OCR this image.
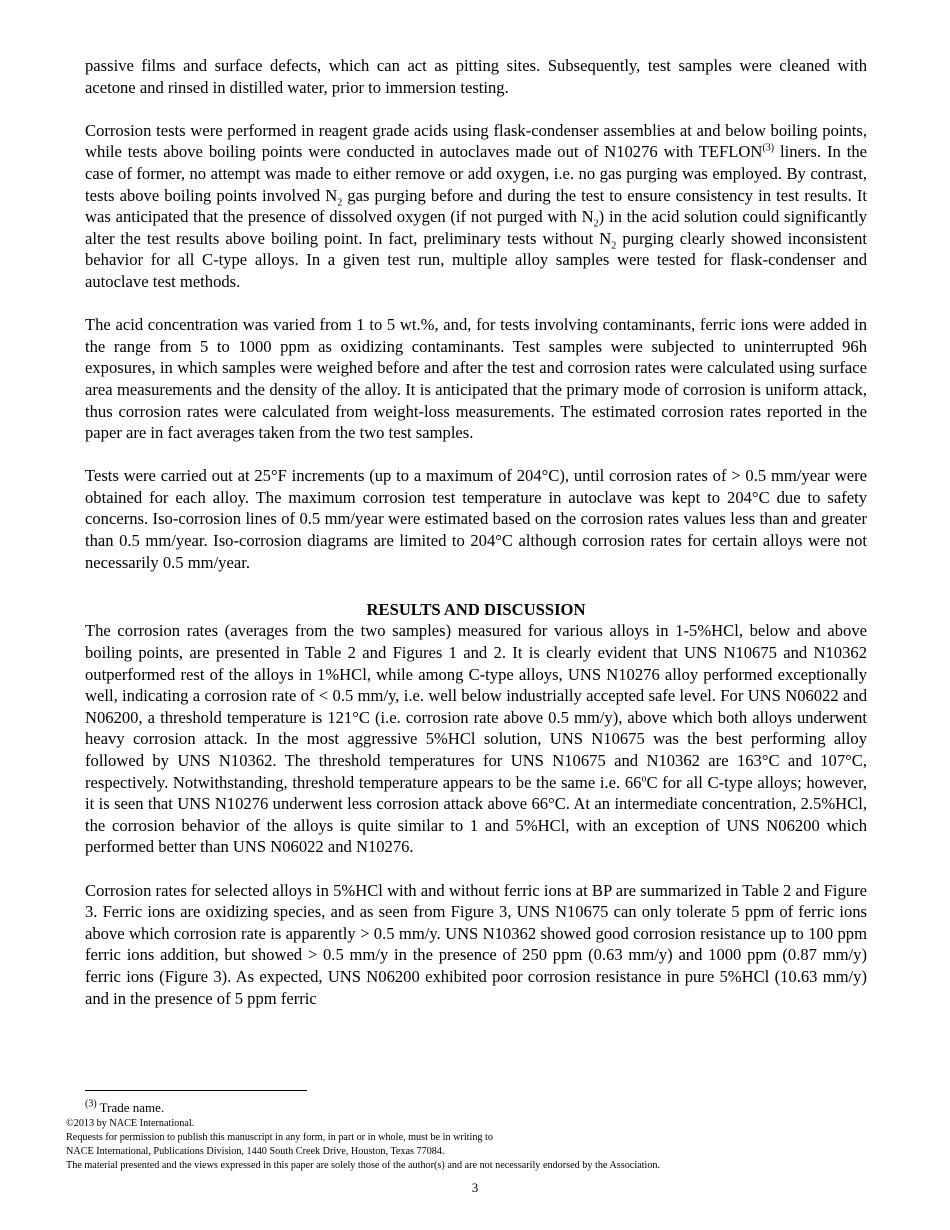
passive films and surface defects, which can act as pitting sites. Subsequently, test samples were cleaned with acetone and rinsed in distilled water, prior to immersion testing.

Corrosion tests were performed in reagent grade acids using flask-condenser assemblies at and below boiling points, while tests above boiling points were conducted in autoclaves made out of N10276 with TEFLON$^{(3)}$ liners. In the case of former, no attempt was made to either remove or add oxygen, i.e. no gas purging was employed. By contrast, tests above boiling points involved $N_2$ gas purging before and during the test to ensure consistency in test results. It was anticipated that the presence of dissolved oxygen (if not purged with $N_2$) in the acid solution could significantly alter the test results above boiling point. In fact, preliminary tests without $N_2$ purging clearly showed inconsistent behavior for all C-type alloys. In a given test run, multiple alloy samples were tested for flask-condenser and autoclave test methods.

The acid concentration was varied from 1 to 5 wt.%, and, for tests involving contaminants, ferric ions were added in the range from 5 to 1000 ppm as oxidizing contaminants. Test samples were subjected to uninterrupted 96h exposures, in which samples were weighed before and after the test and corrosion rates were calculated using surface area measurements and the density of the alloy. It is anticipated that the primary mode of corrosion is uniform attack, thus corrosion rates were calculated from weight-loss measurements. The estimated corrosion rates reported in the paper are in fact averages taken from the two test samples.

Tests were carried out at 25°F increments (up to a maximum of 204°C), until corrosion rates of > 0.5 mm/year were obtained for each alloy. The maximum corrosion test temperature in autoclave was kept to 204°C due to safety concerns. Iso-corrosion lines of 0.5 mm/year were estimated based on the corrosion rates values less than and greater than 0.5 mm/year. Iso-corrosion diagrams are limited to 204°C although corrosion rates for certain alloys were not necessarily 0.5 mm/year.

RESULTS AND DISCUSSION

The corrosion rates (averages from the two samples) measured for various alloys in 1-5%HCl, below and above boiling points, are presented in Table 2 and Figures 1 and 2. It is clearly evident that UNS N10675 and N10362 outperformed rest of the alloys in 1%HCl, while among C-type alloys, UNS N10276 alloy performed exceptionally well, indicating a corrosion rate of < 0.5 mm/y, i.e. well below industrially accepted safe level. For UNS N06022 and N06200, a threshold temperature is 121°C (i.e. corrosion rate above 0.5 mm/y), above which both alloys underwent heavy corrosion attack. In the most aggressive 5%HCl solution, UNS N10675 was the best performing alloy followed by UNS N10362. The threshold temperatures for UNS N10675 and N10362 are 163°C and 107°C, respectively. Notwithstanding, threshold temperature appears to be the same i.e. 66$^o$C for all C-type alloys; however, it is seen that UNS N10276 underwent less corrosion attack above 66°C. At an intermediate concentration, 2.5%HCl, the corrosion behavior of the alloys is quite similar to 1 and 5%HCl, with an exception of UNS N06200 which performed better than UNS N06022 and N10276.

Corrosion rates for selected alloys in 5%HCl with and without ferric ions at BP are summarized in Table 2 and Figure 3. Ferric ions are oxidizing species, and as seen from Figure 3, UNS N10675 can only tolerate 5 ppm of ferric ions above which corrosion rate is apparently > 0.5 mm/y. UNS N10362 showed good corrosion resistance up to 100 ppm ferric ions addition, but showed > 0.5 mm/y in the presence of 250 ppm (0.63 mm/y) and 1000 ppm (0.87 mm/y) ferric ions (Figure 3). As expected, UNS N06200 exhibited poor corrosion resistance in pure 5%HCl (10.63 mm/y) and in the presence of 5 ppm ferric

$^{(3)}$ Trade name.
©2013 by NACE International.
Requests for permission to publish this manuscript in any form, in part or in whole, must be in writing to
NACE International, Publications Division, 1440 South Creek Drive, Houston, Texas 77084.
The material presented and the views expressed in this paper are solely those of the author(s) and are not necessarily endorsed by the Association.
3
